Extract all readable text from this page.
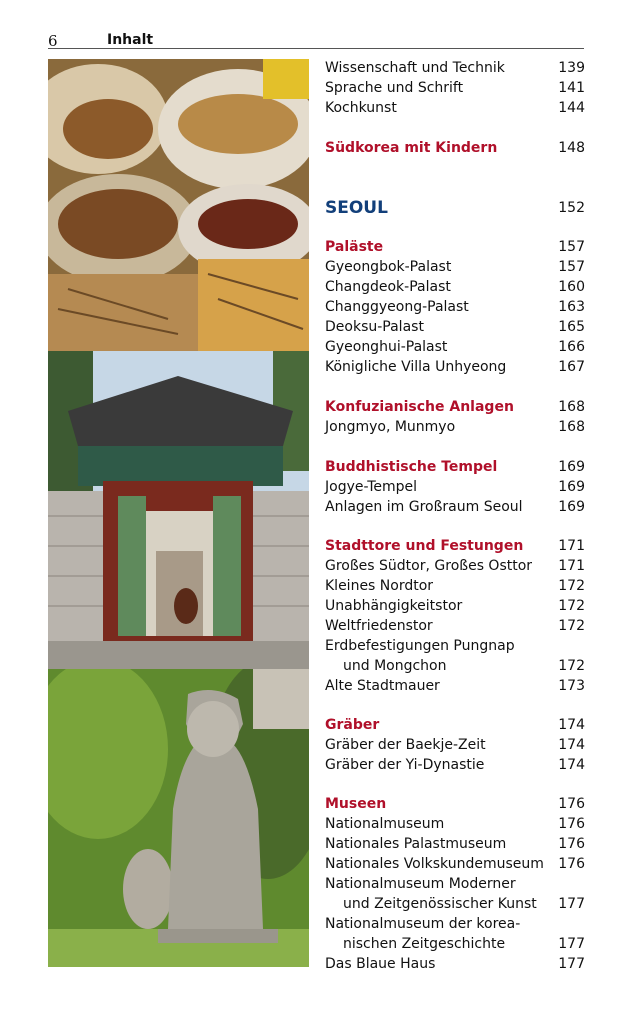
6	Inhalt
Wissenschaft und Technik	139
Sprache und Schrift	141
Kochkunst	144
Südkorea mit Kindern	148
SEOUL	152
Paläste	157
Gyeongbok-Palast	157
Changdeok-Palast	160
Changgyeong-Palast	163
Deoksu-Palast	165
Gyeonghui-Palast	166
Königliche Villa Unhyeong	167
Konfuzianische Anlagen	168
Jongmyo, Munmyo	168
Buddhistische Tempel	169
Jogye-Tempel	169
Anlagen im Großraum Seoul	169
Stadttore und Festungen 171
Großes Südtor, Großes Osttor 171
Kleines Nordtor	172
Unabhängigkeitstor	172
Weltfriedenstor	172
Erdbefestigungen Pungnap
und Mongchon	172
Alte Stadtmauer	173
Gräber	174
Gräber der Baekje-Zeit	174
Gräber der Yi-Dynastie	174
Museen	176
Nationalmuseum	176
Nationales Palastmuseum	176
Nationales Volkskundemuseum 176
Nationalmuseum Moderner
und Zeitgenössischer Kunst 177
Nationalmuseum der korea-
nischen Zeitgeschichte	177
Das Blaue Haus	177
